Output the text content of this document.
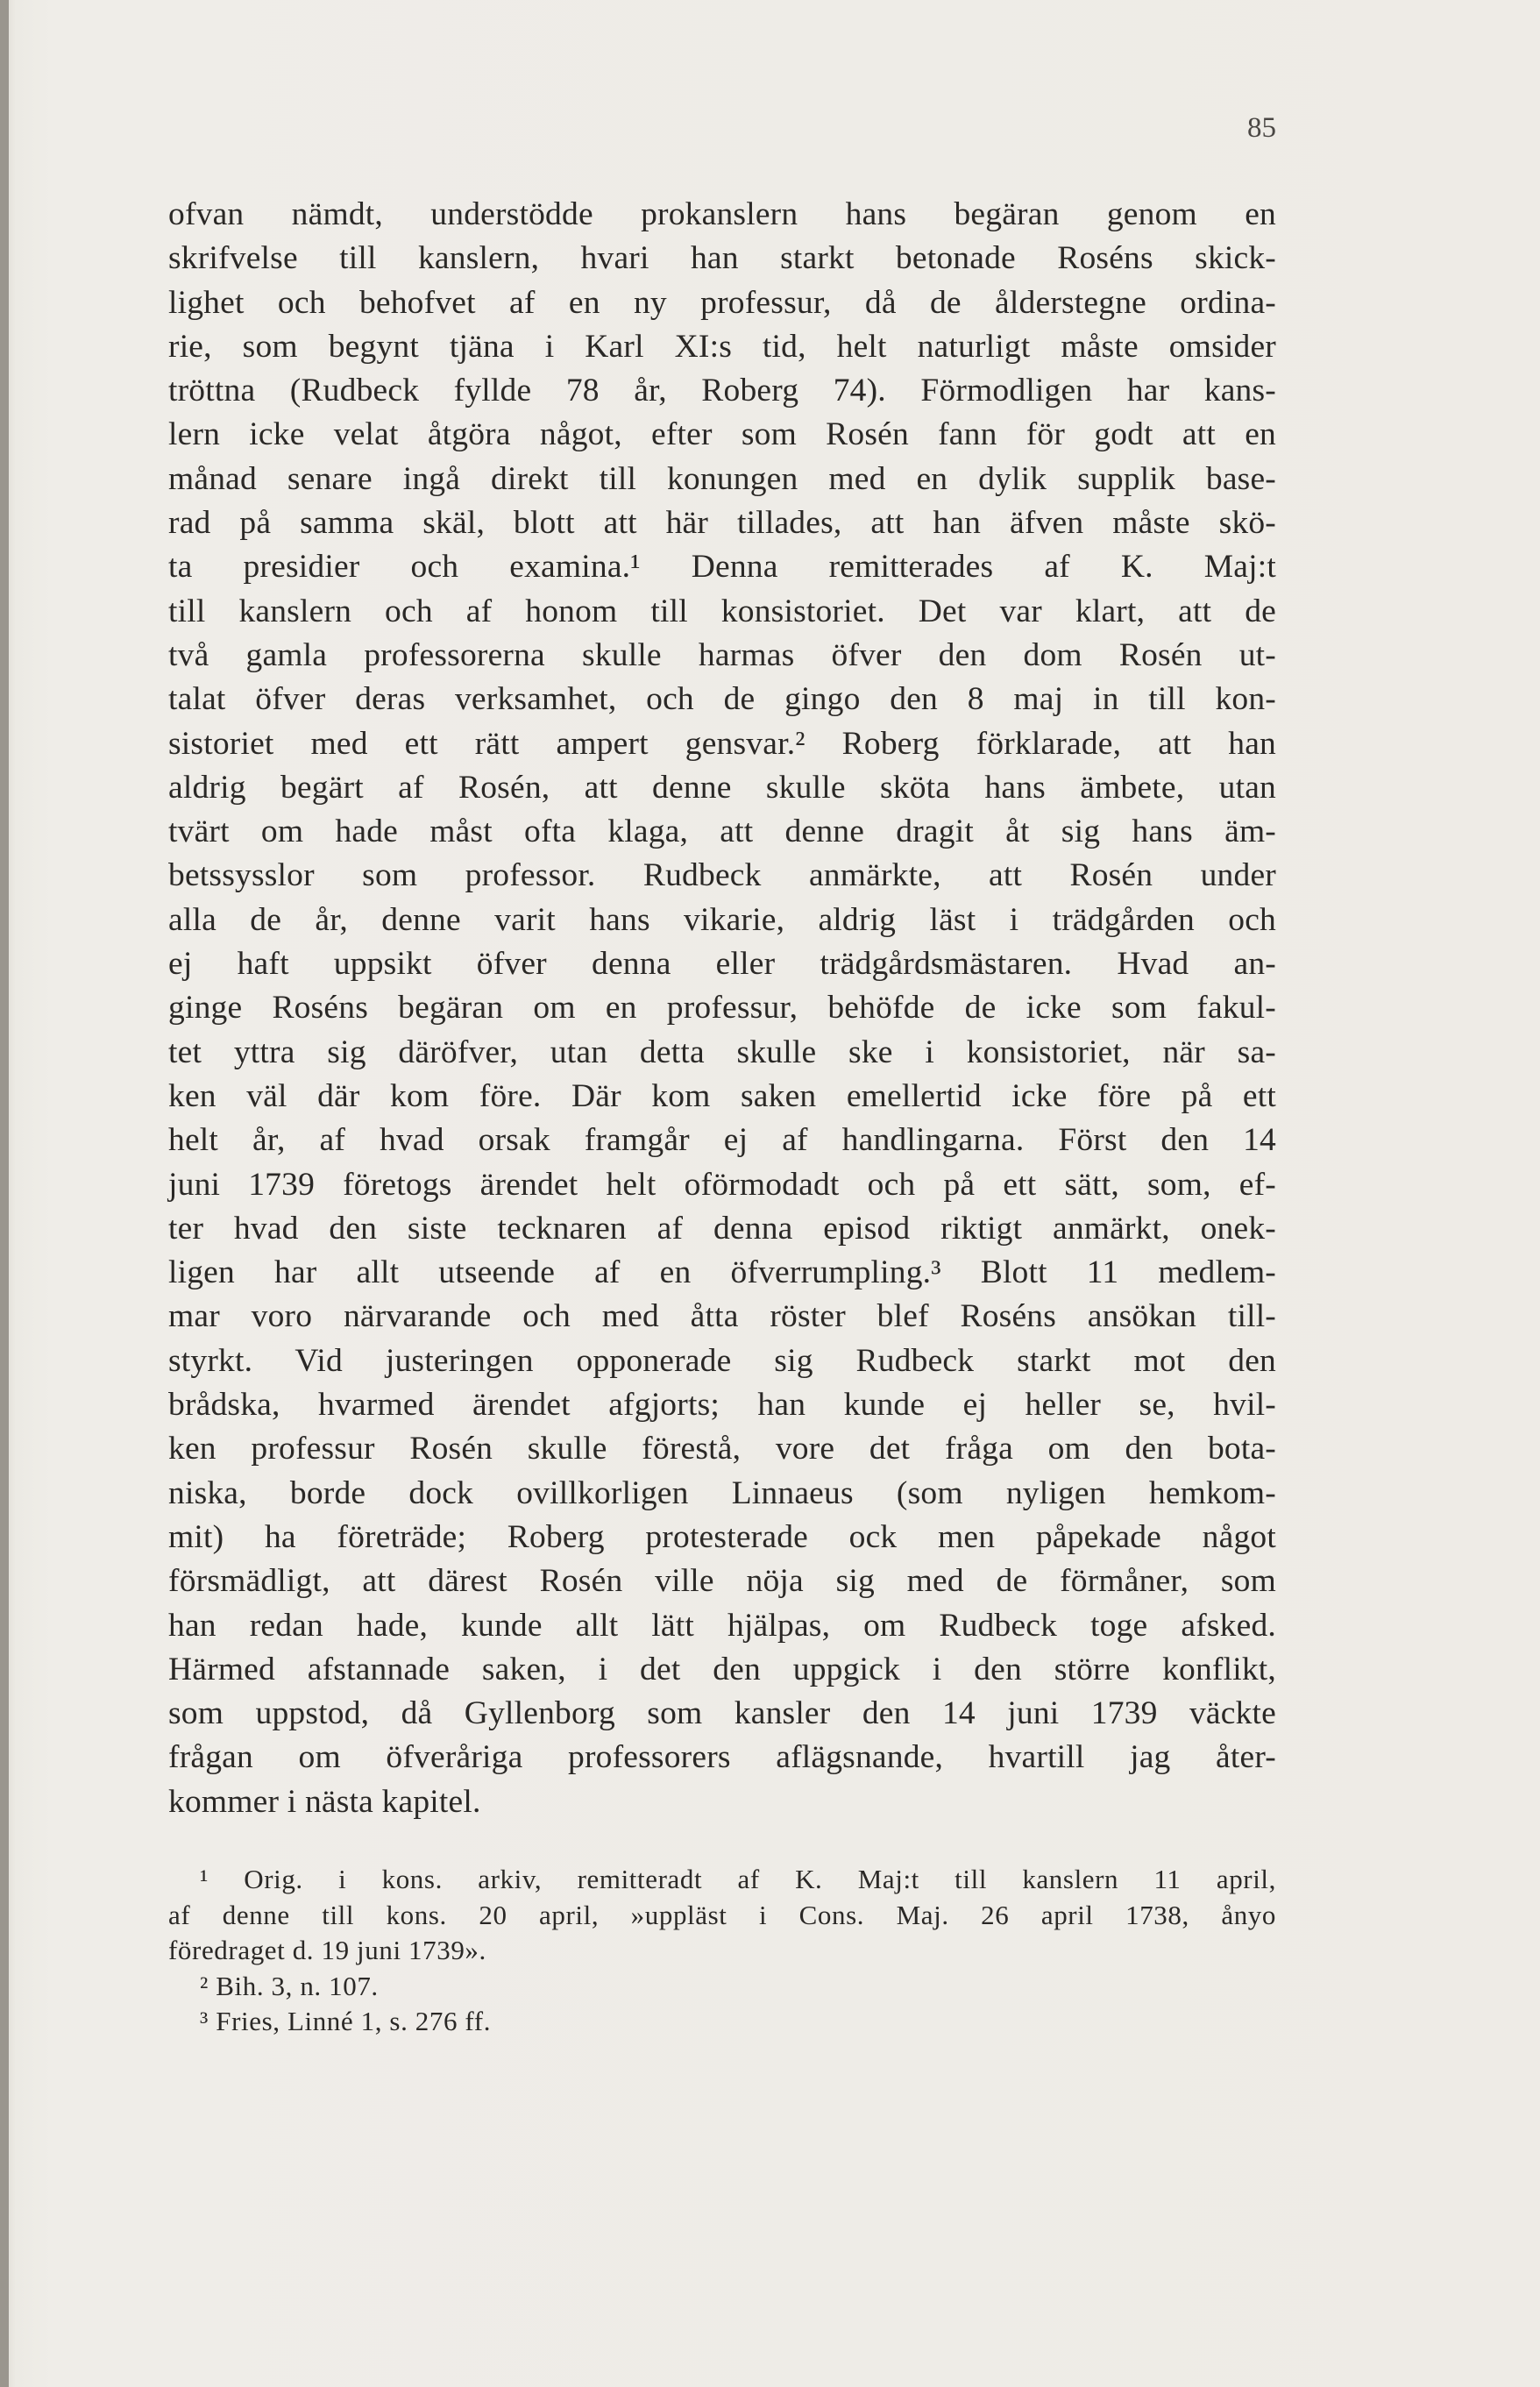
85
ofvan nämdt, understödde prokanslern hans begäran genom en
skrifvelse till kanslern, hvari han starkt betonade Roséns skick-
lighet och behofvet af en ny professur, då de ålderstegne ordina-
rie, som begynt tjäna i Karl XI:s tid, helt naturligt måste omsider
tröttna (Rudbeck fyllde 78 år, Roberg 74). Förmodligen har kans-
lern icke velat åtgöra något, efter som Rosén fann för godt att en
månad senare ingå direkt till konungen med en dylik supplik base-
rad på samma skäl, blott att här tillades, att han äfven måste skö-
ta presidier och examina.¹ Denna remitterades af K. Maj:t
till kanslern och af honom till konsistoriet. Det var klart, att de
två gamla professorerna skulle harmas öfver den dom Rosén ut-
talat öfver deras verksamhet, och de gingo den 8 maj in till kon-
sistoriet med ett rätt ampert gensvar.² Roberg förklarade, att han
aldrig begärt af Rosén, att denne skulle sköta hans ämbete, utan
tvärt om hade måst ofta klaga, att denne dragit åt sig hans äm-
betssysslor som professor. Rudbeck anmärkte, att Rosén under
alla de år, denne varit hans vikarie, aldrig läst i trädgården och
ej haft uppsikt öfver denna eller trädgårdsmästaren. Hvad an-
ginge Roséns begäran om en professur, behöfde de icke som fakul-
tet yttra sig däröfver, utan detta skulle ske i konsistoriet, när sa-
ken väl där kom före. Där kom saken emellertid icke före på ett
helt år, af hvad orsak framgår ej af handlingarna. Först den 14
juni 1739 företogs ärendet helt oförmodadt och på ett sätt, som, ef-
ter hvad den siste tecknaren af denna episod riktigt anmärkt, onek-
ligen har allt utseende af en öfverrumpling.³ Blott 11 medlem-
mar voro närvarande och med åtta röster blef Roséns ansökan till-
styrkt. Vid justeringen opponerade sig Rudbeck starkt mot den
brådska, hvarmed ärendet afgjorts; han kunde ej heller se, hvil-
ken professur Rosén skulle förestå, vore det fråga om den bota-
niska, borde dock ovillkorligen Linnaeus (som nyligen hemkom-
mit) ha företräde; Roberg protesterade ock men påpekade något
försmädligt, att därest Rosén ville nöja sig med de förmåner, som
han redan hade, kunde allt lätt hjälpas, om Rudbeck toge afsked.
Härmed afstannade saken, i det den uppgick i den större konflikt,
som uppstod, då Gyllenborg som kansler den 14 juni 1739 väckte
frågan om öfveråriga professorers aflägsnande, hvartill jag åter-
kommer i nästa kapitel.
¹ Orig. i kons. arkiv, remitteradt af K. Maj:t till kanslern 11 april,
af denne till kons. 20 april, »uppläst i Cons. Maj. 26 april 1738, ånyo
föredraget d. 19 juni 1739».
² Bih. 3, n. 107.
³ Fries, Linné 1, s. 276 ff.
